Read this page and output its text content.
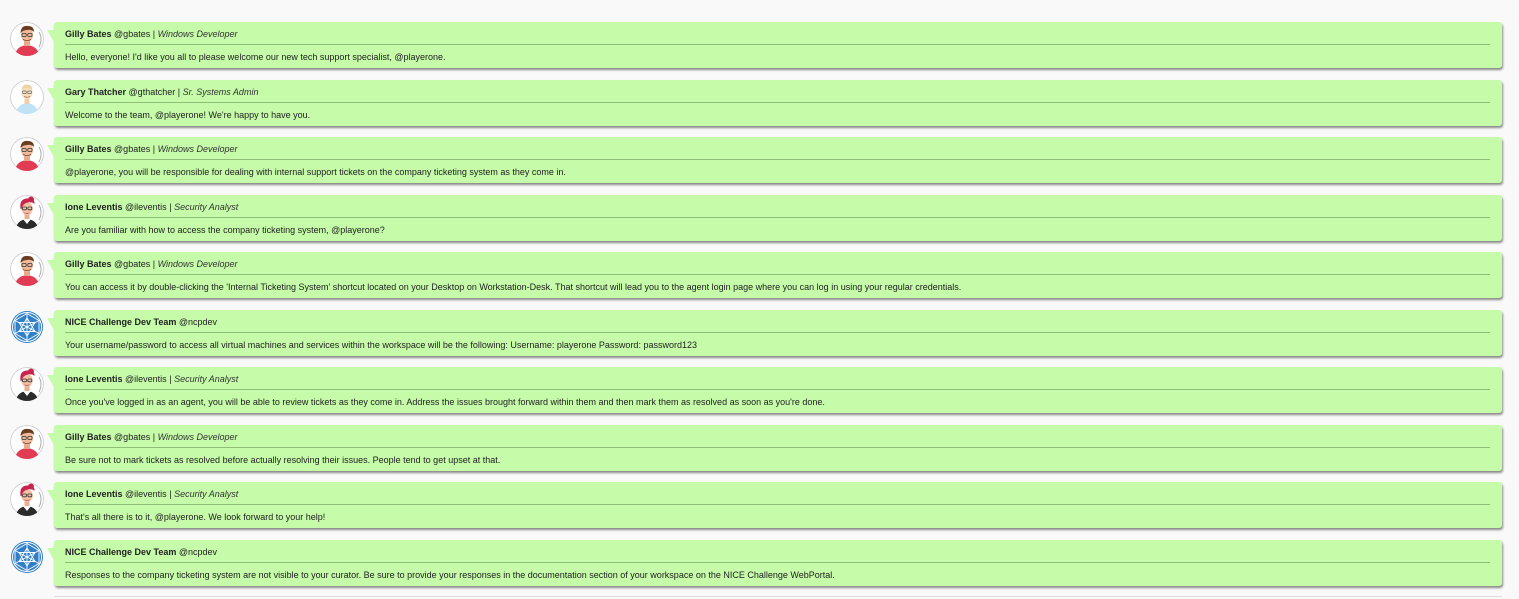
Gilly Bates @gbates | Windows Developer
Hello, everyone! I'd like you all to please welcome our new tech support specialist, @playerone.
Gary Thatcher @gthatcher | Sr. Systems Admin
Welcome to the team, @playerone! We're happy to have you.
Gilly Bates @gbates | Windows Developer
@playerone, you will be responsible for dealing with internal support tickets on the company ticketing system as they come in.
Ione Leventis @ileventis | Security Analyst
Are you familiar with how to access the company ticketing system, @playerone?
Gilly Bates @gbates | Windows Developer
You can access it by double-clicking the 'Internal Ticketing System' shortcut located on your Desktop on Workstation-Desk. That shortcut will lead you to the agent login page where you can log in using your regular credentials.
NICE Challenge Dev Team @ncpdev
Your username/password to access all virtual machines and services within the workspace will be the following: Username: playerone Password: password123
Ione Leventis @ileventis | Security Analyst
Once you've logged in as an agent, you will be able to review tickets as they come in. Address the issues brought forward within them and then mark them as resolved as soon as you're done.
Gilly Bates @gbates | Windows Developer
Be sure not to mark tickets as resolved before actually resolving their issues. People tend to get upset at that.
Ione Leventis @ileventis | Security Analyst
That's all there is to it, @playerone. We look forward to your help!
NICE Challenge Dev Team @ncpdev
Responses to the company ticketing system are not visible to your curator. Be sure to provide your responses in the documentation section of your workspace on the NICE Challenge WebPortal.
